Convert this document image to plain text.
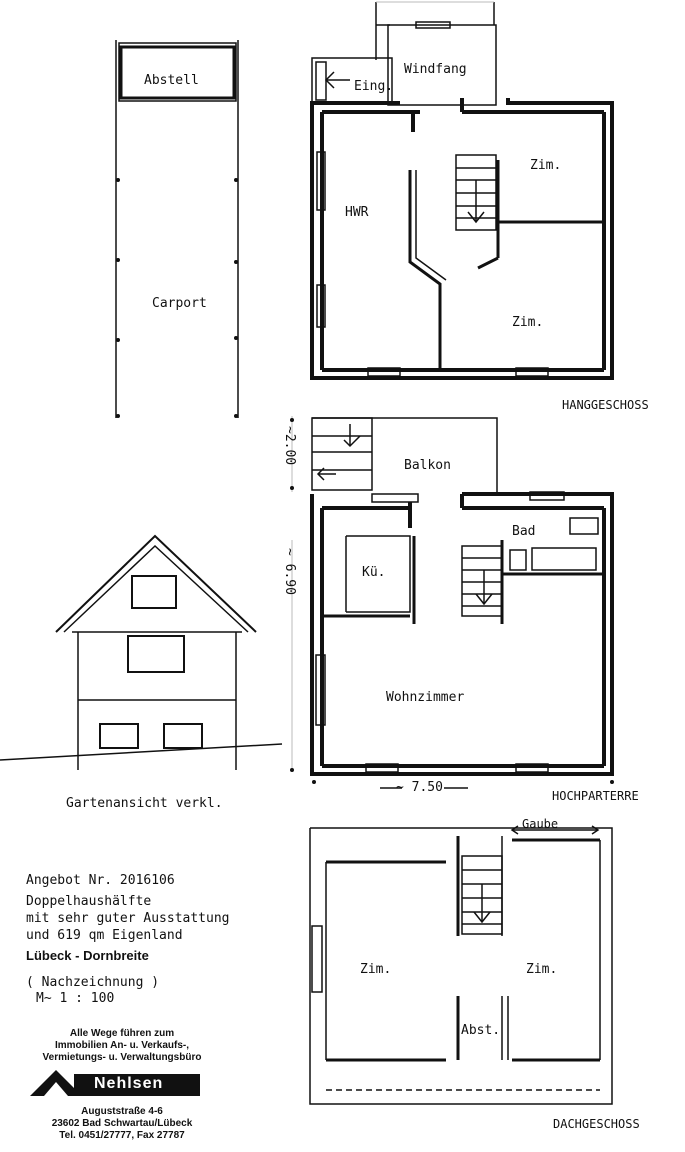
Abstell
Carport
Eing.
Windfang
Zim.
HWR
Zim.
HANGGESCHOSS
~2.00
~ 6.90
~ 7.50
Balkon
Bad
Kü.
Wohnzimmer
HOCHPARTERRE
Gaube
Zim.	Zim.
Abst.
DACHGESCHOSS
Gartenansicht verkl.
Angebot Nr. 2016106
Doppelhaushälfte
mit sehr guter Ausstattung
und 619 qm Eigenland
Lübeck - Dornbreite
( Nachzeichnung )
M~ 1 : 100
Alle Wege führen zum
Immobilien An- u. Verkaufs-,
Vermietungs- u. Verwaltungsbüro
Nehlsen
Auguststraße 4-6
23602 Bad Schwartau/Lübeck
Tel. 0451/27777, Fax 27787
